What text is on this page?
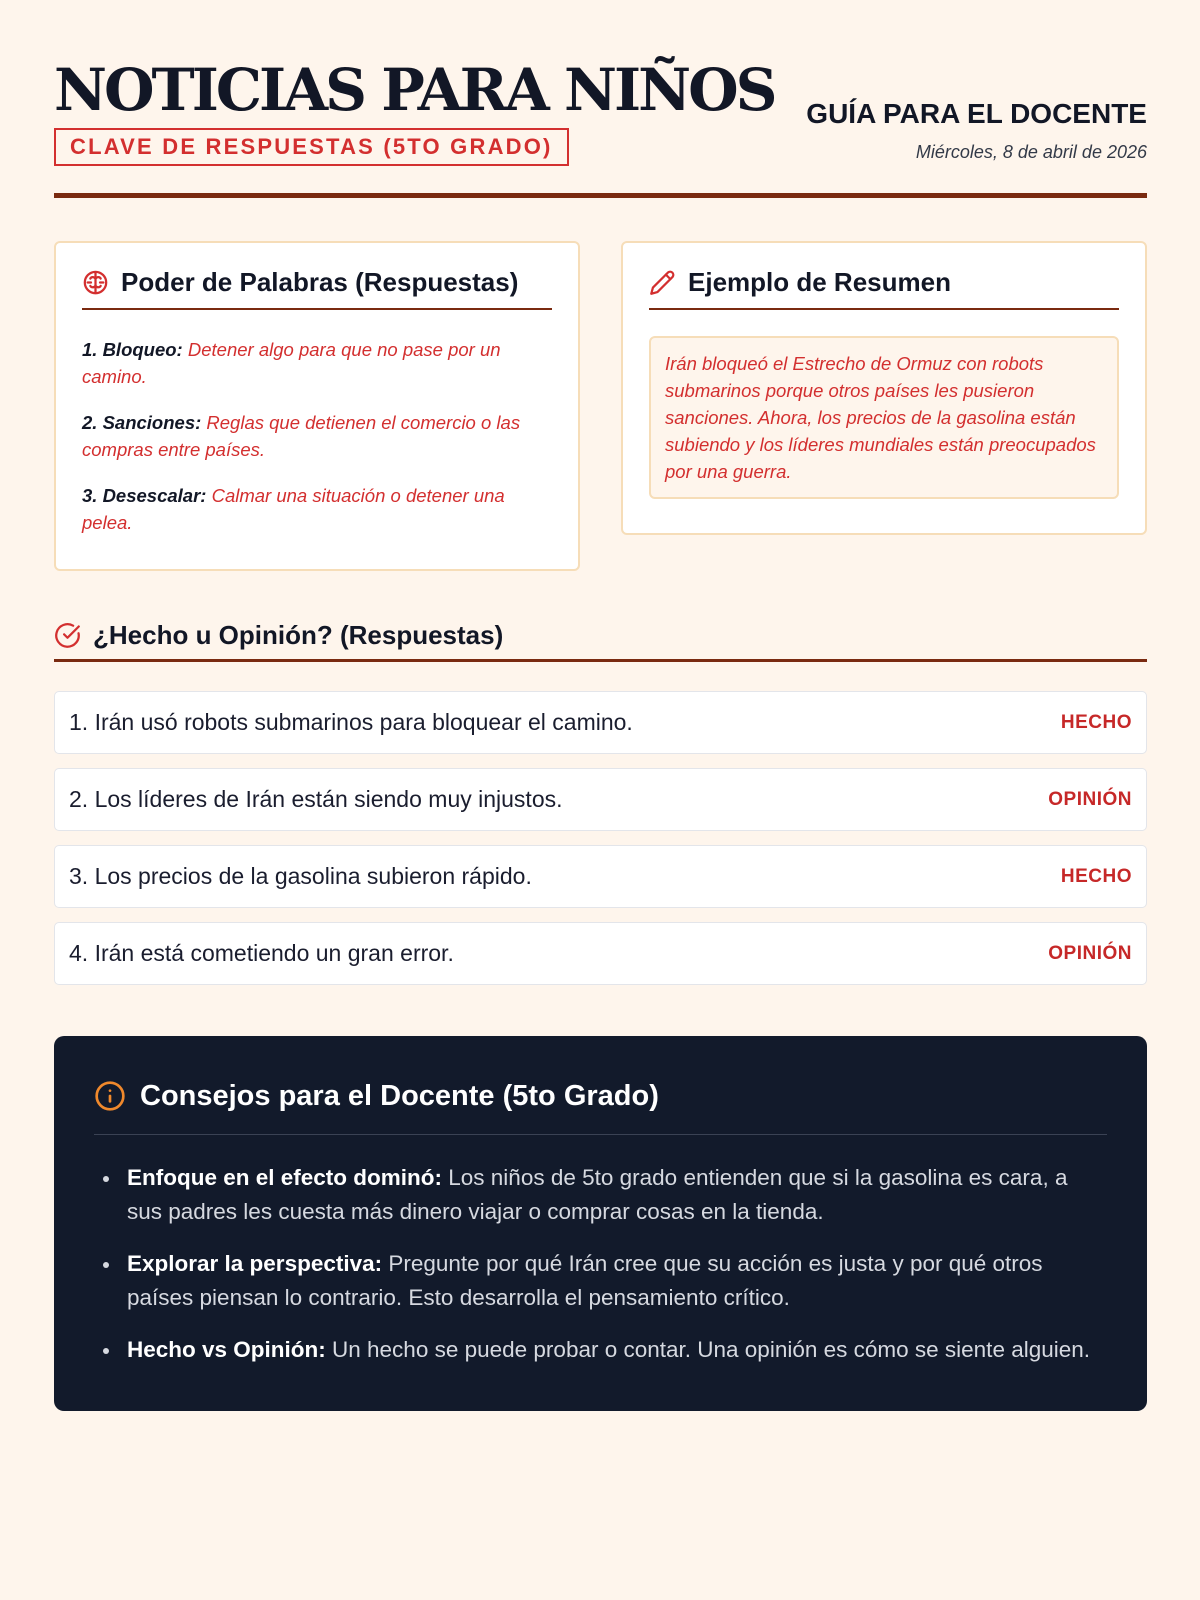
NOTICIAS PARA NIÑOS
CLAVE DE RESPUESTAS (5TO GRADO)
GUÍA PARA EL DOCENTE
Miércoles, 8 de abril de 2026
Poder de Palabras (Respuestas)
1. Bloqueo: Detener algo para que no pase por un camino.
2. Sanciones: Reglas que detienen el comercio o las compras entre países.
3. Desescalar: Calmar una situación o detener una pelea.
Ejemplo de Resumen
Irán bloqueó el Estrecho de Ormuz con robots submarinos porque otros países les pusieron sanciones. Ahora, los precios de la gasolina están subiendo y los líderes mundiales están preocupados por una guerra.
¿Hecho u Opinión? (Respuestas)
1. Irán usó robots submarinos para bloquear el camino.	HECHO
2. Los líderes de Irán están siendo muy injustos.	OPINIÓN
3. Los precios de la gasolina subieron rápido.	HECHO
4. Irán está cometiendo un gran error.	OPINIÓN
Consejos para el Docente (5to Grado)
Enfoque en el efecto dominó: Los niños de 5to grado entienden que si la gasolina es cara, a sus padres les cuesta más dinero viajar o comprar cosas en la tienda.
Explorar la perspectiva: Pregunte por qué Irán cree que su acción es justa y por qué otros países piensan lo contrario. Esto desarrolla el pensamiento crítico.
Hecho vs Opinión: Un hecho se puede probar o contar. Una opinión es cómo se siente alguien.
